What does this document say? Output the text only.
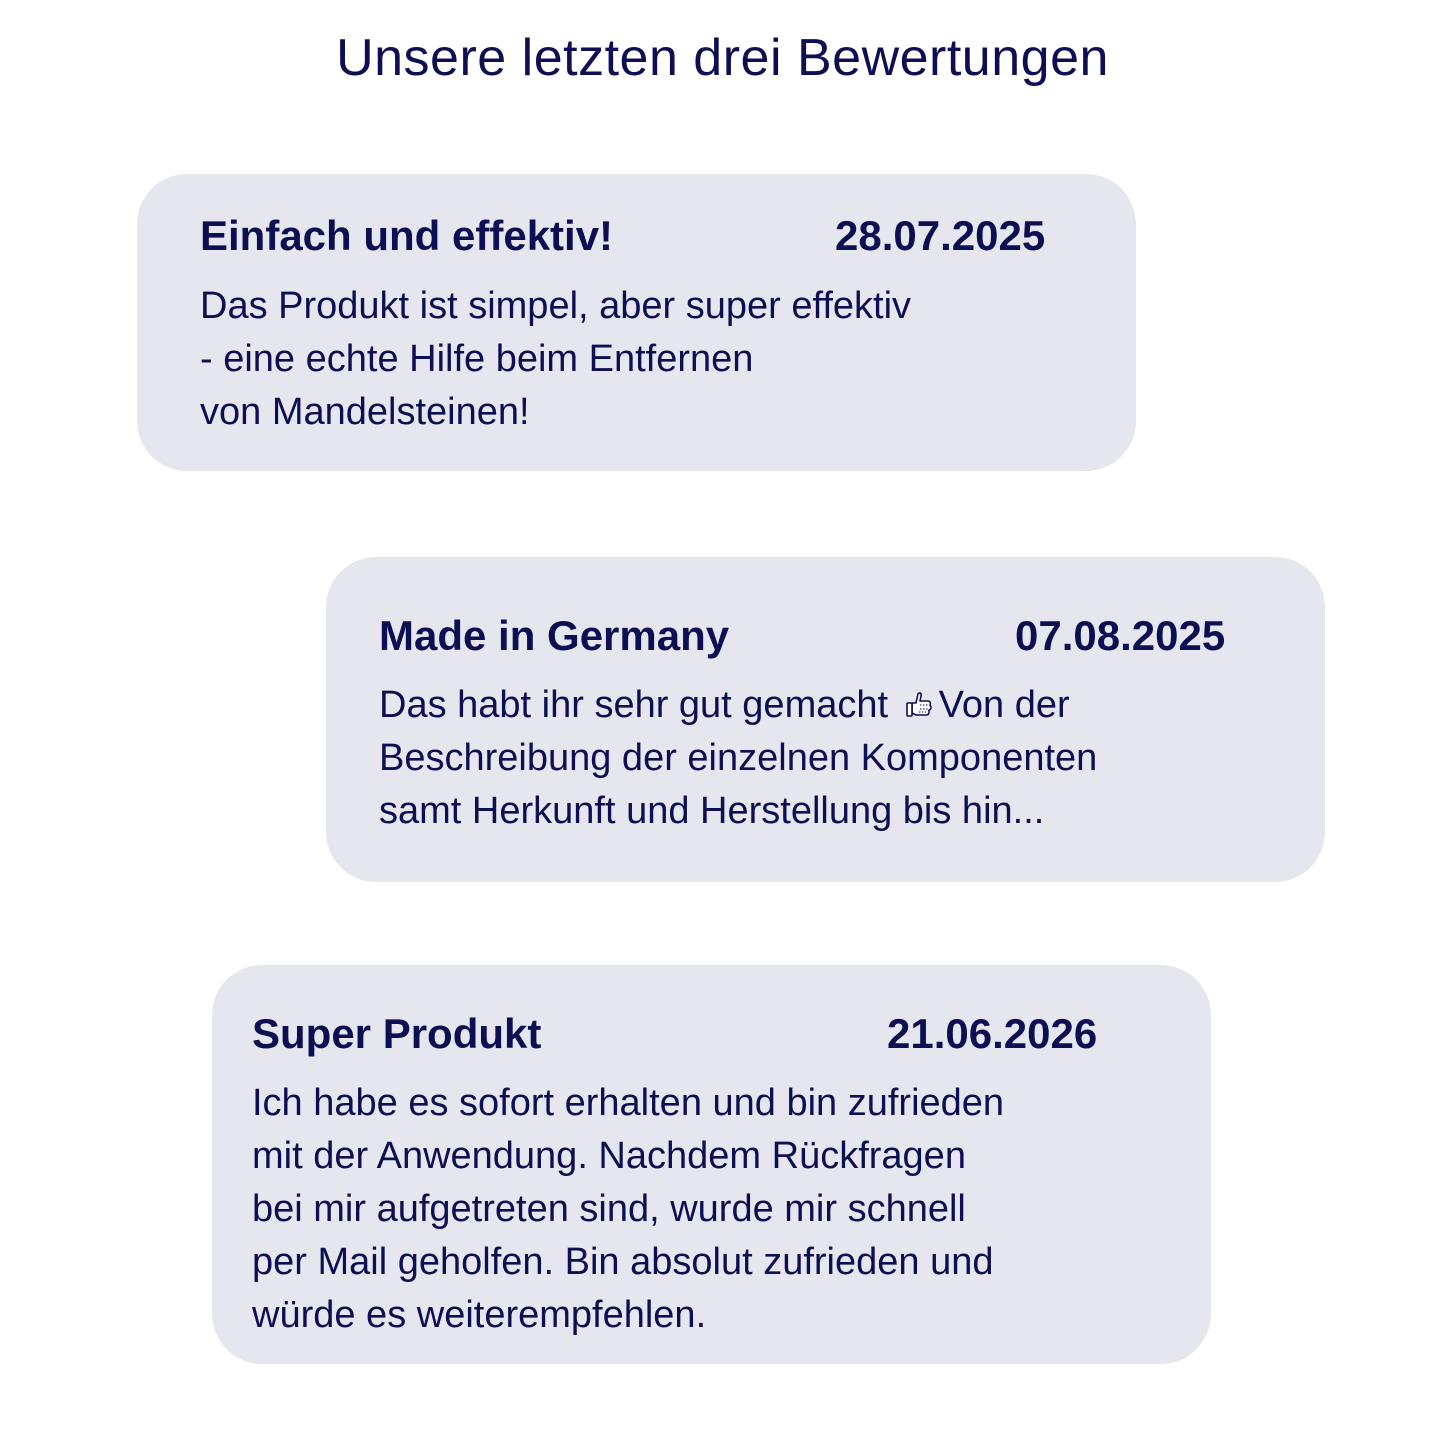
Unsere letzten drei Bewertungen
Einfach und effektiv!	28.07.2025

Das Produkt ist simpel, aber super effektiv
- eine echte Hilfe beim Entfernen
von Mandelsteinen!

Made in Germany	07.08.2025

Das habt ihr sehr gut gemacht Von der
Beschreibung der einzelnen Komponenten
samt Herkunft und Herstellung bis hin...

Super Produkt	21.06.2026

Ich habe es sofort erhalten und bin zufrieden
mit der Anwendung. Nachdem Rückfragen
bei mir aufgetreten sind, wurde mir schnell
per Mail geholfen. Bin absolut zufrieden und
würde es weiterempfehlen.
